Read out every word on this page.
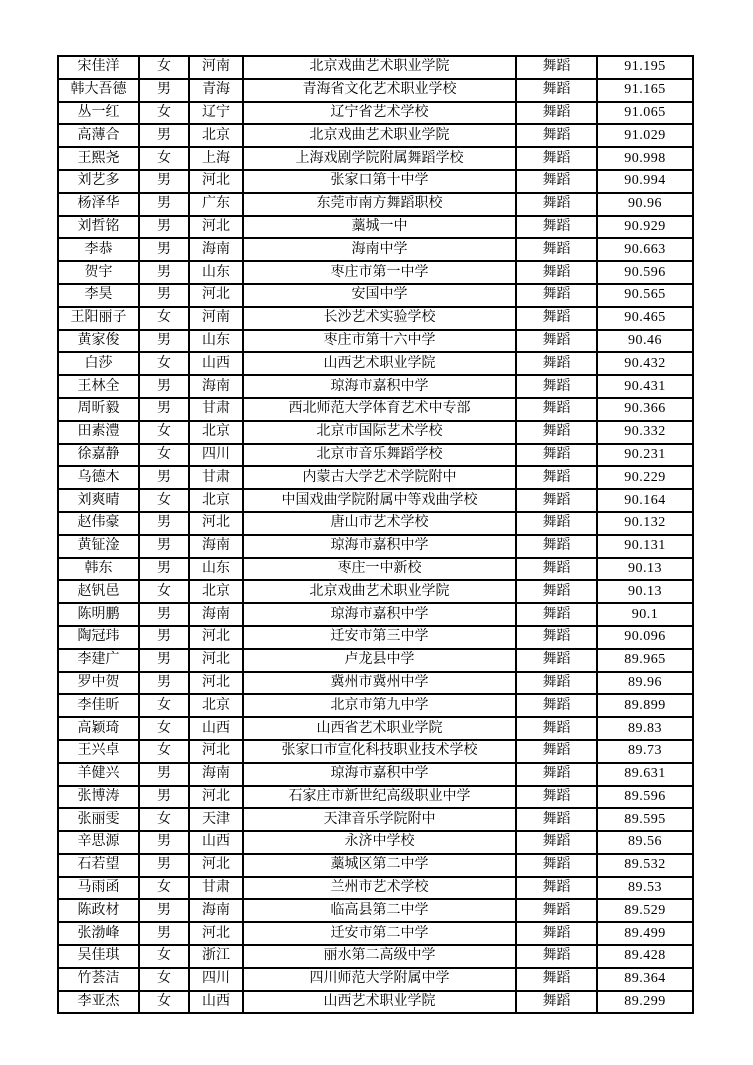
宋佳洋	女	河南	北京戏曲艺术职业学院	舞蹈	91.195
韩大吾德	男	青海	青海省文化艺术职业学校	舞蹈	91.165
丛一红	女	辽宁	辽宁省艺术学校	舞蹈	91.065
高薄合	男	北京	北京戏曲艺术职业学院	舞蹈	91.029
王熙尧	女	上海	上海戏剧学院附属舞蹈学校	舞蹈	90.998
刘艺多	男	河北	张家口第十中学	舞蹈	90.994
杨泽华	男	广东	东莞市南方舞蹈职校	舞蹈	90.96
刘哲铭	男	河北	藁城一中	舞蹈	90.929
李恭	男	海南	海南中学	舞蹈	90.663
贺宇	男	山东	枣庄市第一中学	舞蹈	90.596
李昊	男	河北	安国中学	舞蹈	90.565
王阳丽子	女	河南	长沙艺术实验学校	舞蹈	90.465
黄家俊	男	山东	枣庄市第十六中学	舞蹈	90.46
白莎	女	山西	山西艺术职业学院	舞蹈	90.432
王林全	男	海南	琼海市嘉积中学	舞蹈	90.431
周昕毅	男	甘肃	西北师范大学体育艺术中专部	舞蹈	90.366
田素澧	女	北京	北京市国际艺术学校	舞蹈	90.332
徐嘉静	女	四川	北京市音乐舞蹈学校	舞蹈	90.231
乌德木	男	甘肃	内蒙古大学艺术学院附中	舞蹈	90.229
刘爽晴	女	北京	中国戏曲学院附属中等戏曲学校	舞蹈	90.164
赵伟豪	男	河北	唐山市艺术学校	舞蹈	90.132
黄钲淦	男	海南	琼海市嘉积中学	舞蹈	90.131
韩东	男	山东	枣庄一中新校	舞蹈	90.13
赵钒邑	女	北京	北京戏曲艺术职业学院	舞蹈	90.13
陈明鹏	男	海南	琼海市嘉积中学	舞蹈	90.1
陶冠玮	男	河北	迁安市第三中学	舞蹈	90.096
李建广	男	河北	卢龙县中学	舞蹈	89.965
罗中贺	男	河北	冀州市冀州中学	舞蹈	89.96
李佳昕	女	北京	北京市第九中学	舞蹈	89.899
高颖琦	女	山西	山西省艺术职业学院	舞蹈	89.83
王兴卓	女	河北	张家口市宣化科技职业技术学校	舞蹈	89.73
羊健兴	男	海南	琼海市嘉积中学	舞蹈	89.631
张博涛	男	河北	石家庄市新世纪高级职业中学	舞蹈	89.596
张丽雯	女	天津	天津音乐学院附中	舞蹈	89.595
辛思源	男	山西	永济中学校	舞蹈	89.56
石若望	男	河北	藁城区第二中学	舞蹈	89.532
马雨函	女	甘肃	兰州市艺术学校	舞蹈	89.53
陈政材	男	海南	临高县第二中学	舞蹈	89.529
张渤峰	男	河北	迁安市第二中学	舞蹈	89.499
吴佳琪	女	浙江	丽水第二高级中学	舞蹈	89.428
竹荟洁	女	四川	四川师范大学附属中学	舞蹈	89.364
李亚杰	女	山西	山西艺术职业学院	舞蹈	89.299
